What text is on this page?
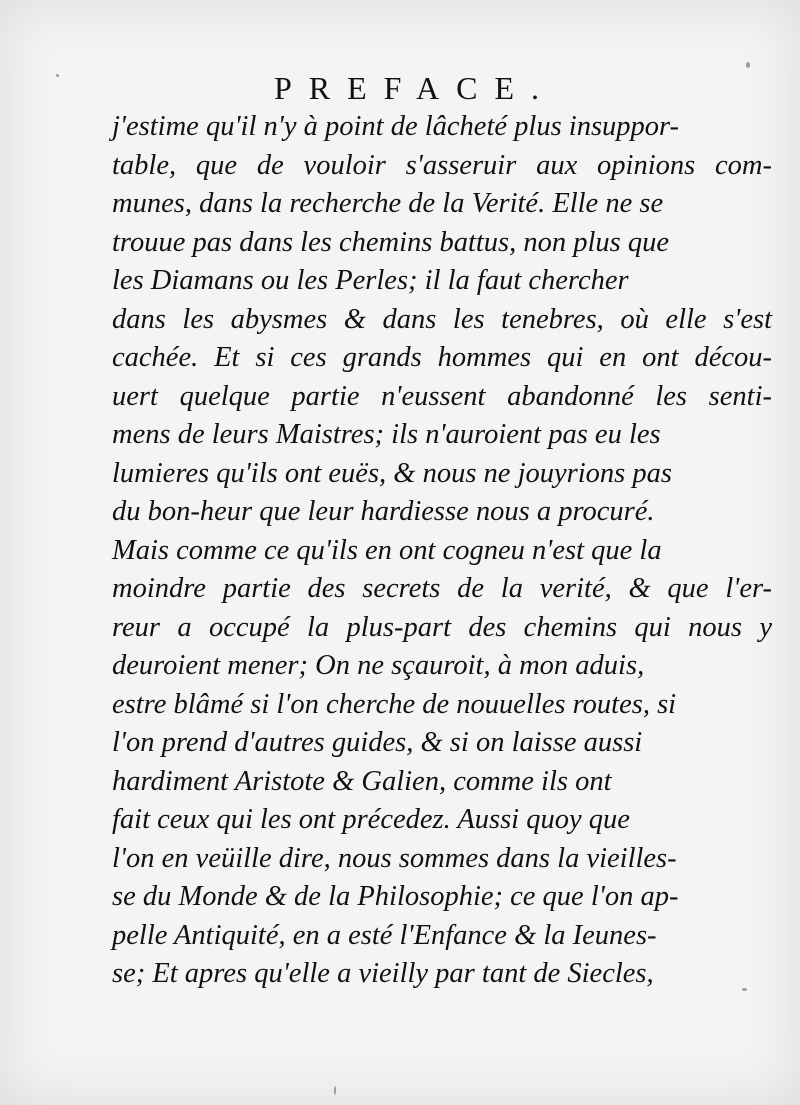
PREFACE.
j'estime qu'il n'y à point de lâcheté plus insuppor-
table, que de vouloir s'asseruir aux opinions com-
munes, dans la recherche de la Verité. Elle ne se
trouue pas dans les chemins battus, non plus que
les Diamans ou les Perles; il la faut chercher
dans les abysmes & dans les tenebres, où elle s'est
cachée. Et si ces grands hommes qui en ont décou-
uert quelque partie n'eussent abandonné les senti-
mens de leurs Maistres; ils n'auroient pas eu les
lumieres qu'ils ont euës, & nous ne jouyrions pas
du bon-heur que leur hardiesse nous a procuré.
Mais comme ce qu'ils en ont cogneu n'est que la
moindre partie des secrets de la verité, & que l'er-
reur a occupé la plus-part des chemins qui nous y
deuroient mener; On ne sçauroit, à mon aduis,
estre blâmé si l'on cherche de nouuelles routes, si
l'on prend d'autres guides, & si on laisse aussi
hardiment Aristote & Galien, comme ils ont
fait ceux qui les ont précedez. Aussi quoy que
l'on en veüille dire, nous sommes dans la vieilles-
se du Monde & de la Philosophie; ce que l'on ap-
pelle Antiquité, en a esté l'Enfance & la Ieunes-
se; Et apres qu'elle a vieilly par tant de Siecles,
